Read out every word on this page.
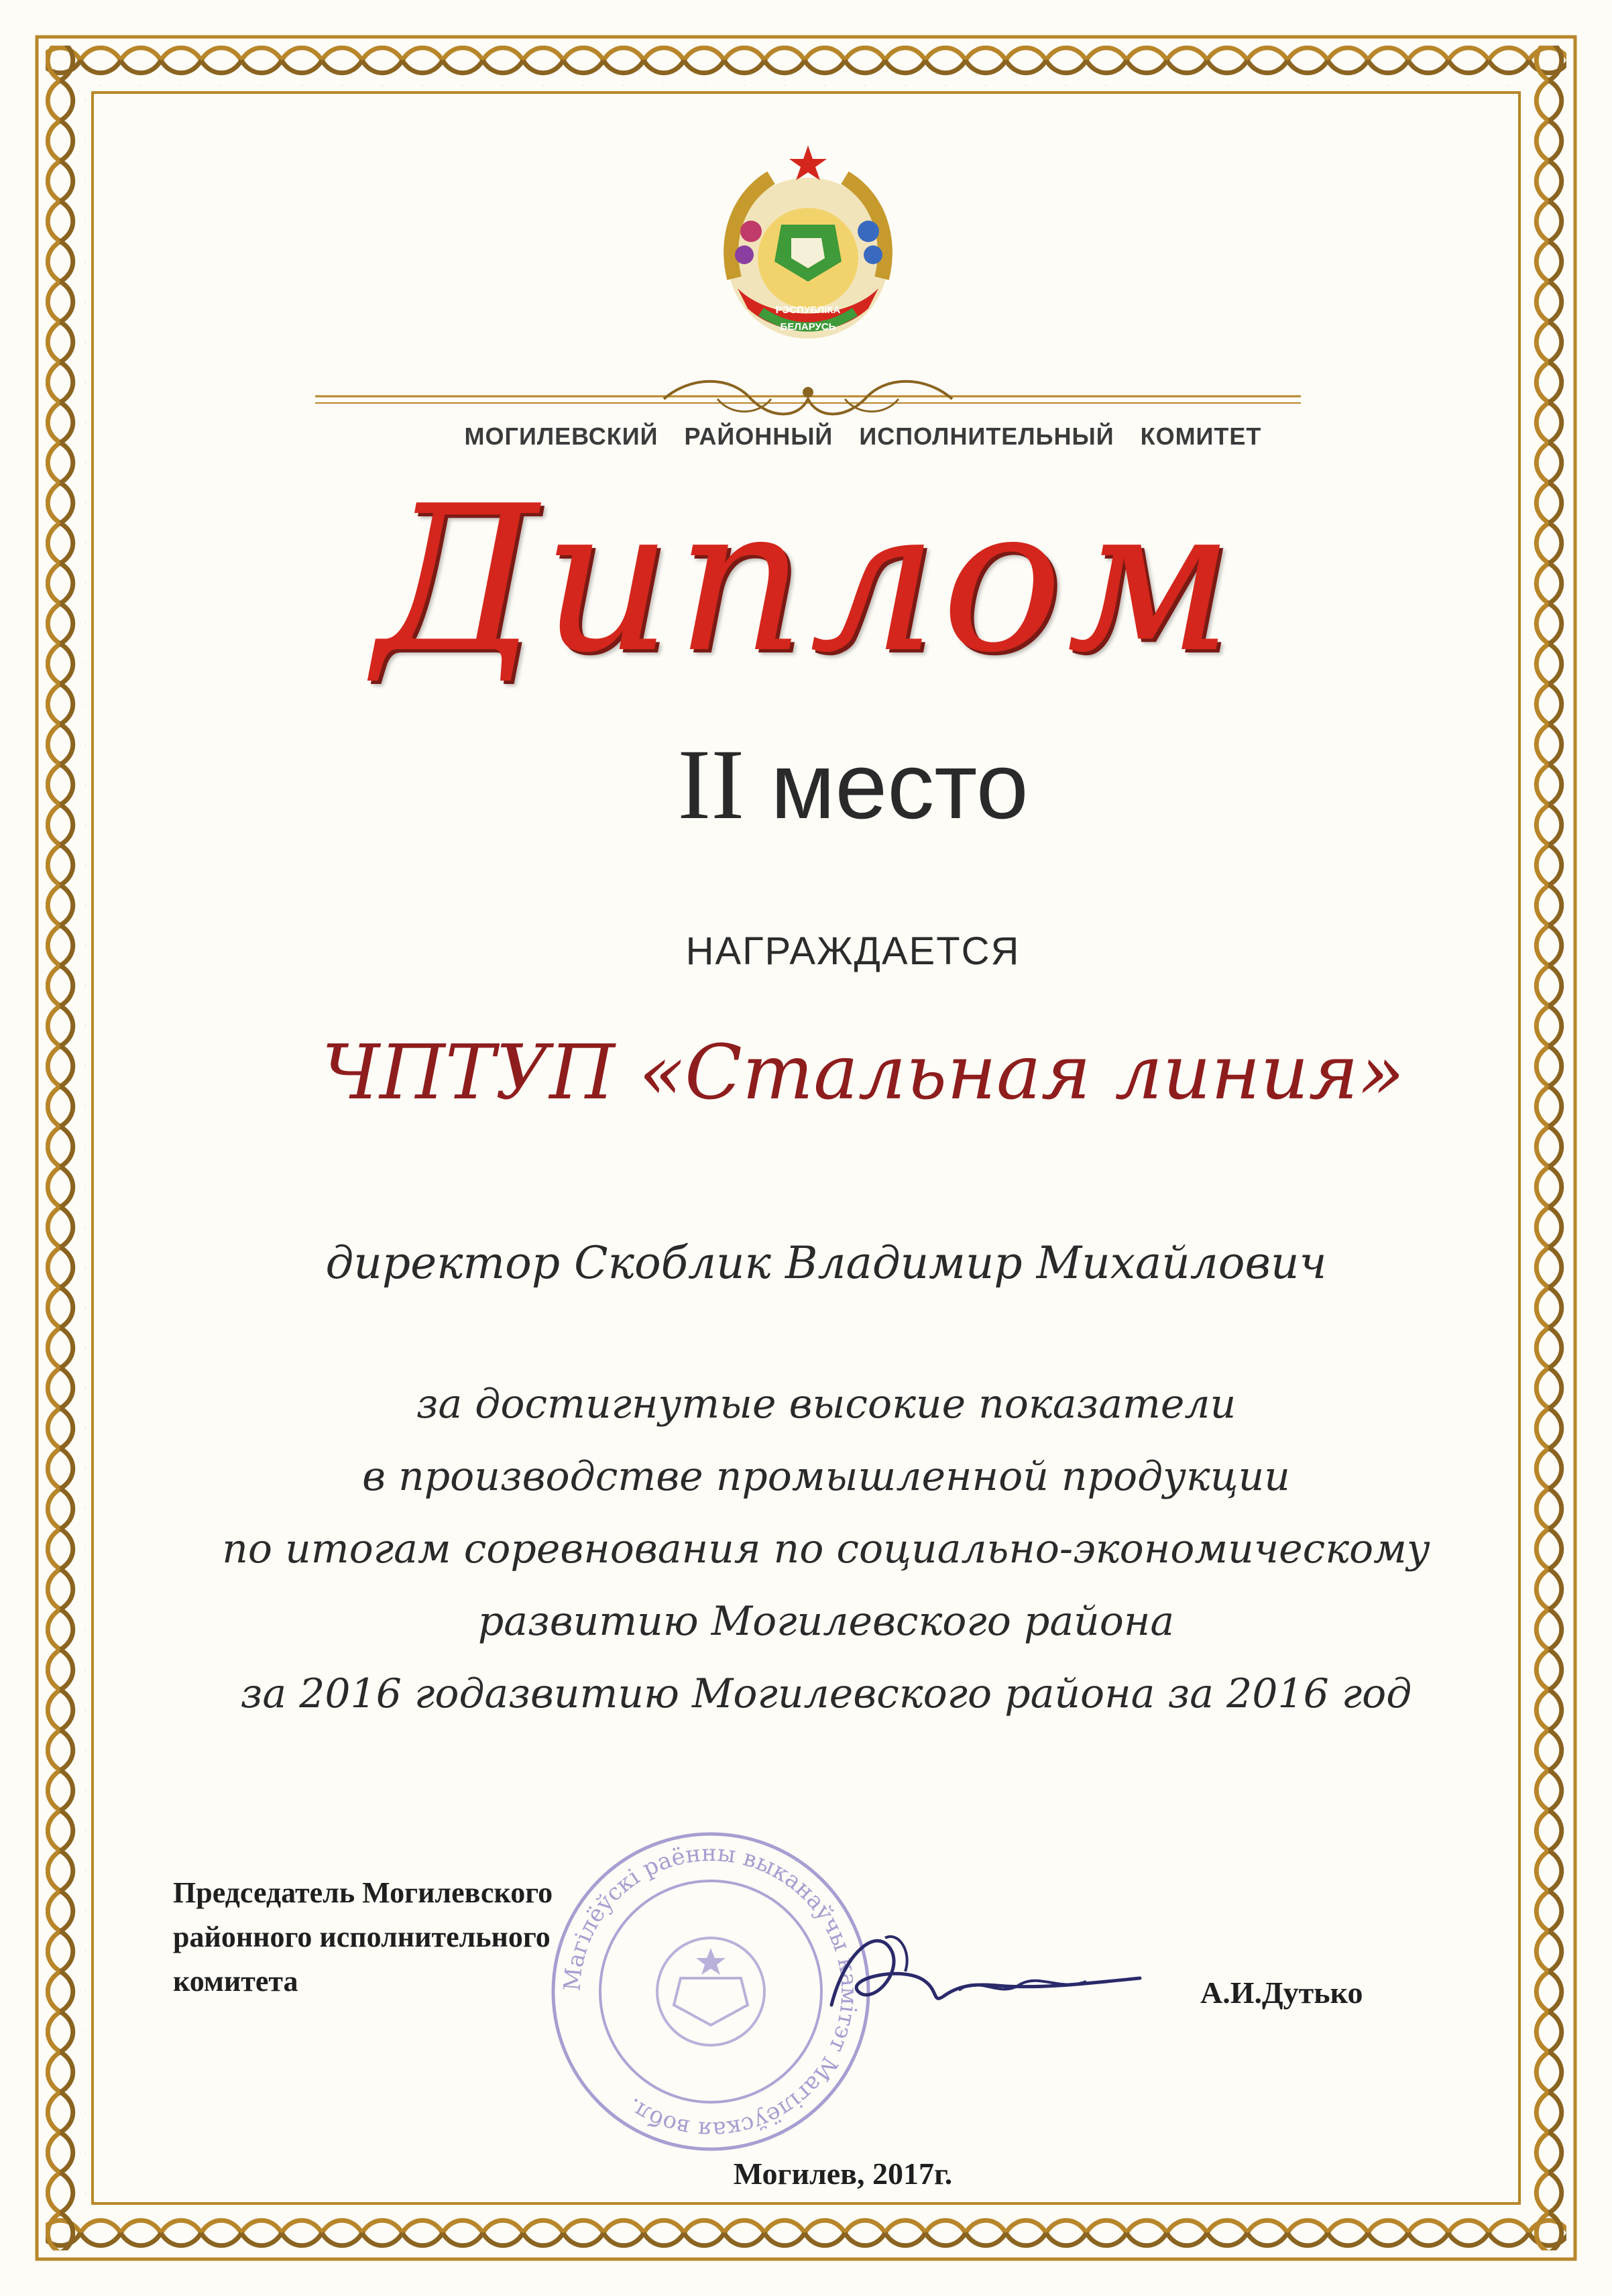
РЭСПУБЛІКА
БЕЛАРУСЬ
МОГИЛЕВСКИЙ РАЙОННЫЙ ИСПОЛНИТЕЛЬНЫЙ КОМИТЕТ
Диплом
II место
НАГРАЖДАЕТСЯ
ЧПТУП «Стальная линия»
директор Скоблик Владимир Михайлович
за достигнутые высокие показатели
в производстве промышленной продукции
по итогам соревнования по социально-экономическому
развитию Могилевского района
за 2016 годазвитию Могилевского района за 2016 год
Магілёўскі раённы выканаўчы камітэт Магілёўская вобл.
Председатель Могилевского
районного исполнительного
комитета	А.И.Дутько
Могилев, 2017г.
